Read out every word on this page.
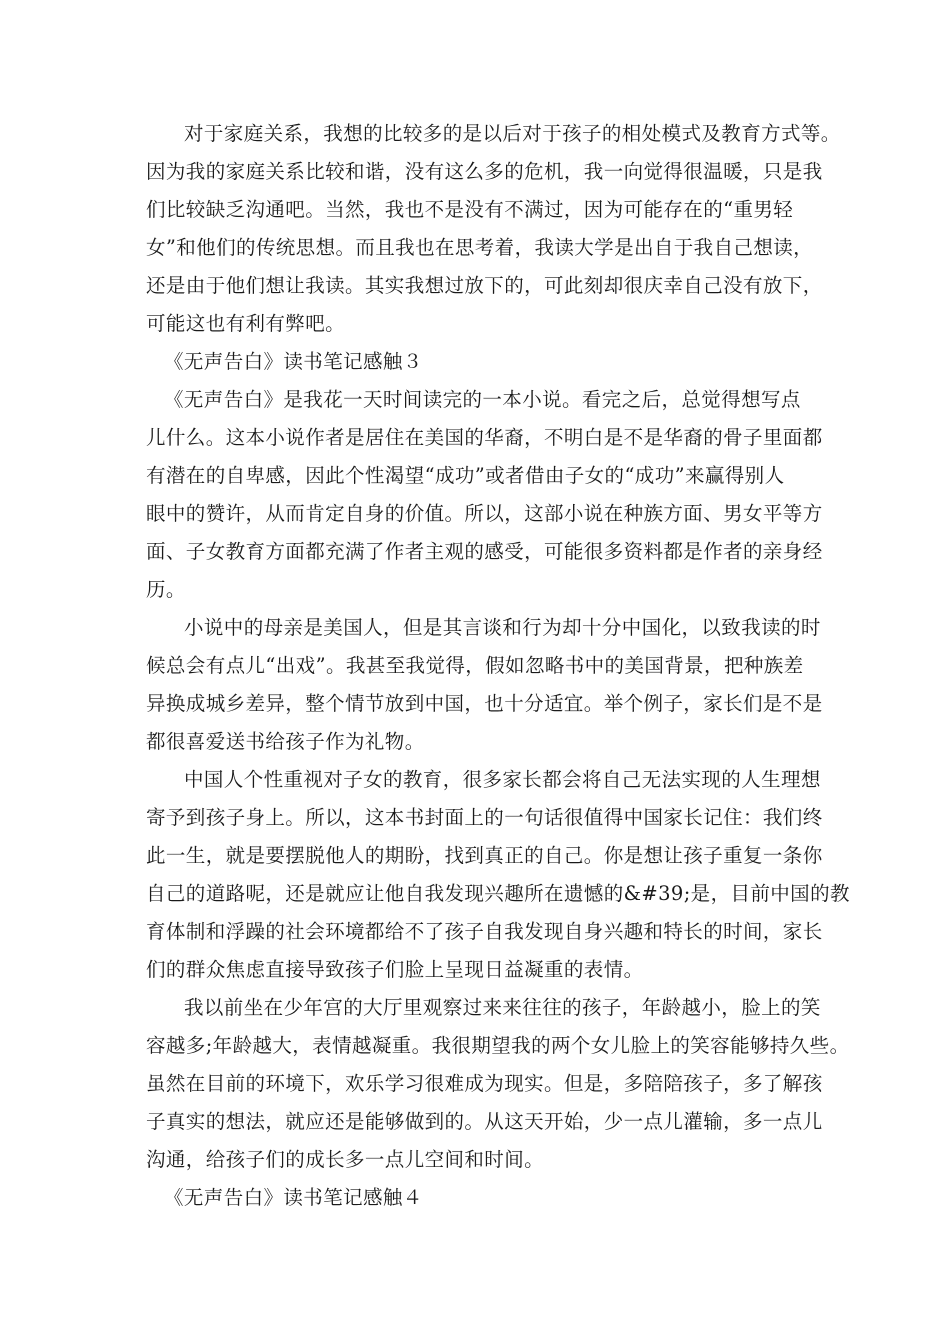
对于家庭关系，我想的比较多的是以后对于孩子的相处模式及教育方式等。
因为我的家庭关系比较和谐，没有这么多的危机，我一向觉得很温暖，只是我
们比较缺乏沟通吧。当然，我也不是没有不满过，因为可能存在的“重男轻
女”和他们的传统思想。而且我也在思考着，我读大学是出自于我自己想读，
还是由于他们想让我读。其实我想过放下的，可此刻却很庆幸自己没有放下，
可能这也有利有弊吧。
《无声告白》读书笔记感触３
《无声告白》是我花一天时间读完的一本小说。看完之后，总觉得想写点
儿什么。这本小说作者是居住在美国的华裔，不明白是不是华裔的骨子里面都
有潜在的自卑感，因此个性渴望“成功”或者借由子女的“成功”来赢得别人
眼中的赞许，从而肯定自身的价值。所以，这部小说在种族方面、男女平等方
面、子女教育方面都充满了作者主观的感受，可能很多资料都是作者的亲身经
历。
小说中的母亲是美国人，但是其言谈和行为却十分中国化，以致我读的时
候总会有点儿“出戏”。我甚至我觉得，假如忽略书中的美国背景，把种族差
异换成城乡差异，整个情节放到中国，也十分适宜。举个例子，家长们是不是
都很喜爱送书给孩子作为礼物。
中国人个性重视对子女的教育，很多家长都会将自己无法实现的人生理想
寄予到孩子身上。所以，这本书封面上的一句话很值得中国家长记住：我们终
此一生，就是要摆脱他人的期盼，找到真正的自己。你是想让孩子重复一条你
自己的道路呢，还是就应让他自我发现兴趣所在遗憾的&#39;是，目前中国的教
育体制和浮躁的社会环境都给不了孩子自我发现自身兴趣和特长的时间，家长
们的群众焦虑直接导致孩子们脸上呈现日益凝重的表情。
我以前坐在少年宫的大厅里观察过来来往往的孩子，年龄越小，脸上的笑
容越多;年龄越大，表情越凝重。我很期望我的两个女儿脸上的笑容能够持久些。
虽然在目前的环境下，欢乐学习很难成为现实。但是，多陪陪孩子，多了解孩
子真实的想法，就应还是能够做到的。从这天开始，少一点儿灌输，多一点儿
沟通，给孩子们的成长多一点儿空间和时间。
《无声告白》读书笔记感触４
